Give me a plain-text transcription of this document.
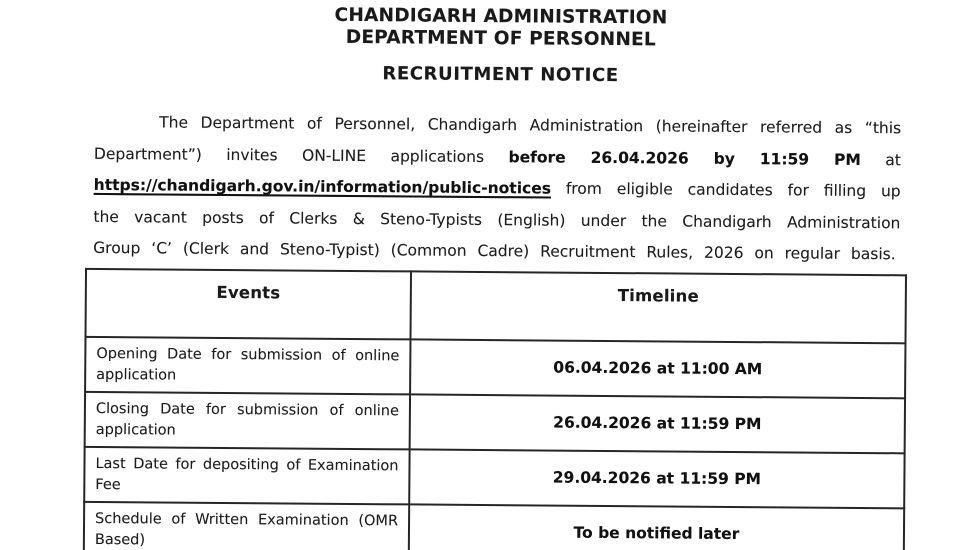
CHANDIGARH ADMINISTRATION
DEPARTMENT OF PERSONNEL
RECRUITMENT NOTICE

The Department of Personnel, Chandigarh Administration (hereinafter referred as “this Department”) invites ON-LINE applications before 26.04.2026 by 11:59 PM at https://chandigarh.gov.in/information/public-notices from eligible candidates for filling up the vacant posts of Clerks & Steno-Typists (English) under the Chandigarh Administration Group ‘C’ (Clerk and Steno-Typist) (Common Cadre) Recruitment Rules, 2026 on regular basis.

Events	Timeline
Opening Date for submission of online application	06.04.2026 at 11:00 AM
Closing Date for submission of online application	26.04.2026 at 11:59 PM
Last Date for depositing of Examination Fee	29.04.2026 at 11:59 PM
Schedule of Written Examination (OMR Based)	To be notified later
